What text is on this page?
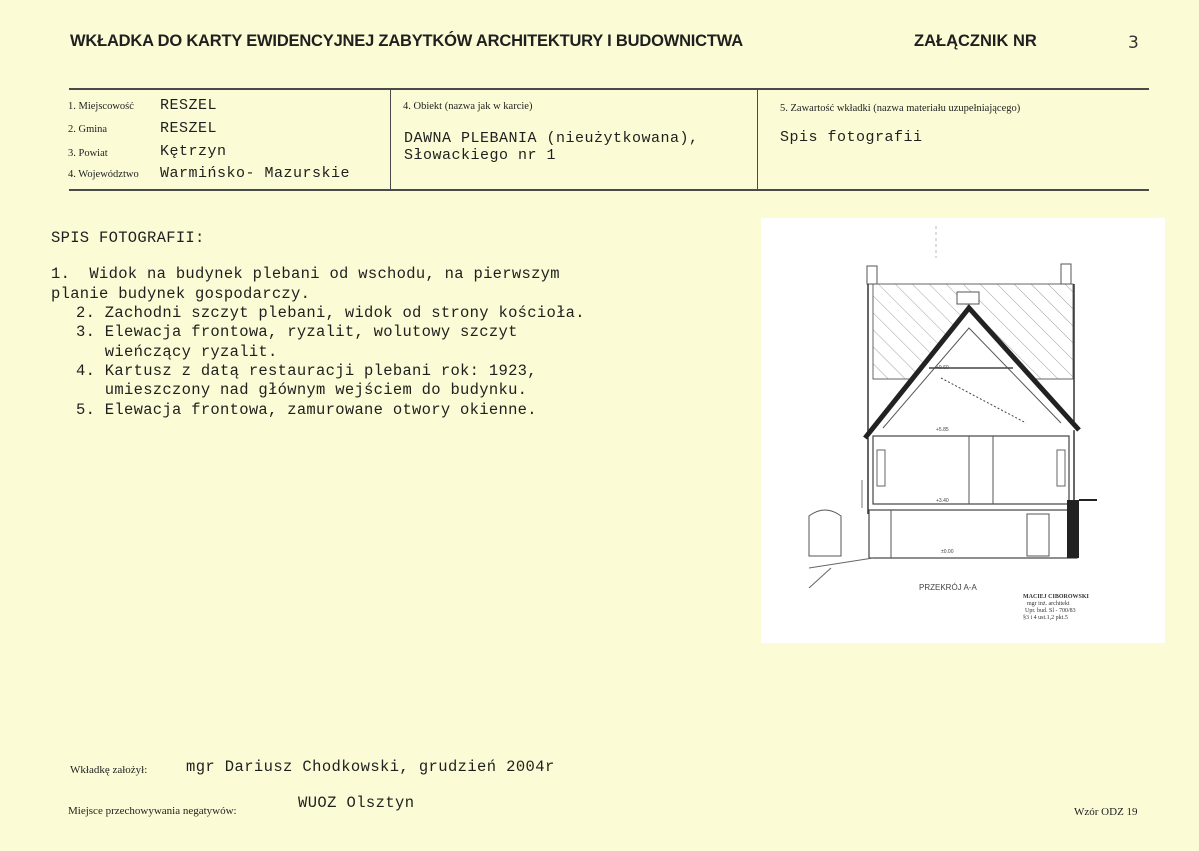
WKŁADKA DO KARTY EWIDENCYJNEJ ZABYTKÓW ARCHITEKTURY I BUDOWNICTWA	ZAŁĄCZNIK NR	3
1. Miejscowość RESZEL
2. Gmina	RESZEL
3. Powiat	Kętrzyn
4. Województwo Warmińsko- Mazurskie
4. Obiekt (nazwa jak w karcie)
DAWNA PLEBANIA (nieużytkowana),
Słowackiego nr 1
5. Zawartość wkładki (nazwa materiału uzupełniającego)
Spis fotografii
SPIS FOTOGRAFII:
1.  Widok na budynek plebani od wschodu, na pierwszym
planie budynek gospodarczy.
2. Zachodni szczyt plebani, widok od strony kościoła.
3. Elewacja frontowa, ryzalit, wolutowy szczyt
wieńczący ryzalit.
4. Kartusz z datą restauracji plebani rok: 1923,
umieszczony nad głównym wejściem do budynku.
5. Elewacja frontowa, zamurowane otwory okienne.
+9.60
+5.85
+3.40
±0.00
PRZEKRÓJ A-A
MACIEJ CIBOROWSKI
mgr inż. architekt
Upr. bud. Sl - 700/83
§3 i 4 ust.1,2 pkt.5
Wkładkę założył: mgr Dariusz Chodkowski, grudzień 2004r
Miejsce przechowywania negatywów:	WUOZ Olsztyn	Wzór ODZ 19
